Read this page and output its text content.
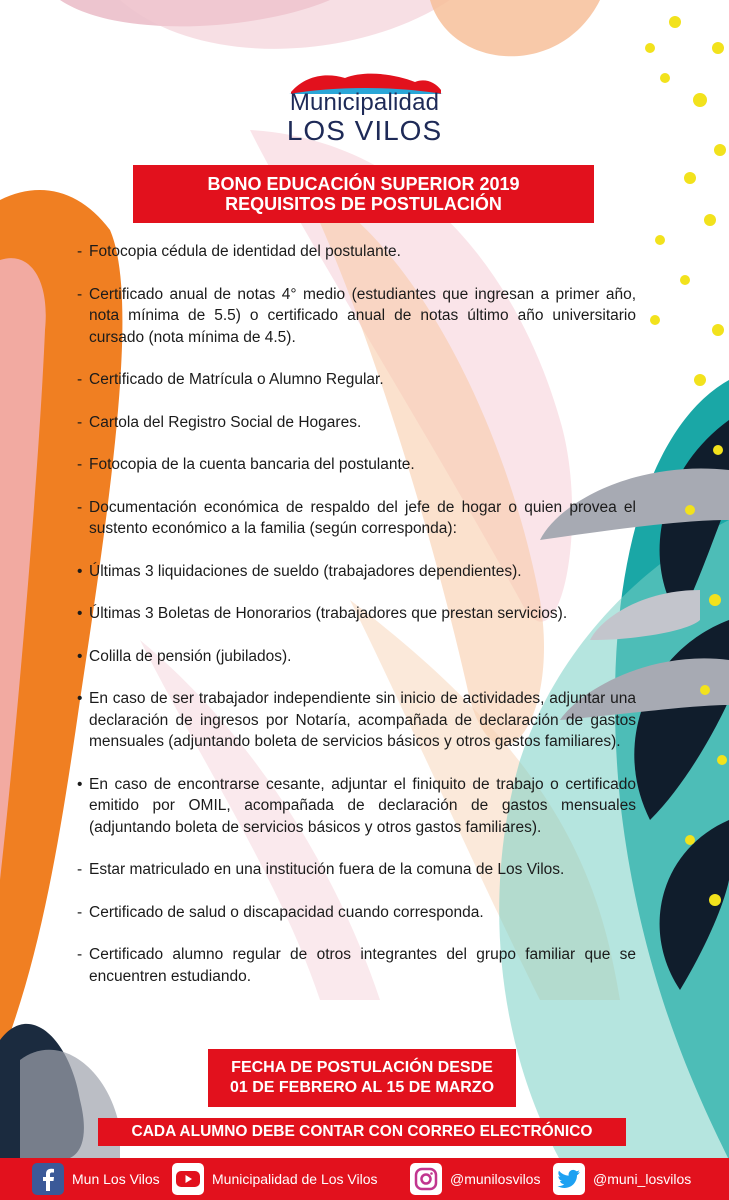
Municipalidad
LOS VILOS
BONO EDUCACIÓN SUPERIOR 2019
REQUISITOS DE POSTULACIÓN
- Fotocopia cédula de identidad del postulante.
- Certificado anual de notas 4° medio (estudiantes que ingresan a primer año, nota mínima de 5.5) o certificado anual de notas último año universitario cursado (nota mínima de 4.5).
- Certificado de Matrícula o Alumno Regular.
- Cartola del Registro Social de Hogares.
- Fotocopia de la cuenta bancaria del postulante.
- Documentación económica de respaldo del jefe de hogar o quien provea el sustento económico a la familia (según corresponda):
• Últimas 3 liquidaciones de sueldo (trabajadores dependientes).
• Últimas 3 Boletas de Honorarios (trabajadores que prestan servicios).
• Colilla de pensión (jubilados).
• En caso de ser trabajador independiente sin inicio de actividades, adjuntar una declaración de ingresos por Notaría, acompañada de declaración de gastos mensuales (adjuntando boleta de servicios básicos y otros gastos familiares).
• En caso de encontrarse cesante, adjuntar el finiquito de trabajo o certificado emitido por OMIL, acompañada de declaración de gastos mensuales (adjuntando boleta de servicios básicos y otros gastos familiares).
- Estar matriculado en una institución fuera de la comuna de Los Vilos.
- Certificado de salud o discapacidad cuando corresponda.
- Certificado alumno regular de otros integrantes del grupo familiar que se encuentren estudiando.
FECHA DE POSTULACIÓN DESDE
01 DE FEBRERO AL 15 DE MARZO
CADA ALUMNO DEBE CONTAR CON CORREO ELECTRÓNICO
Mun Los Vilos	Municipalidad de Los Vilos	@munilosvilos	@muni_losvilos
